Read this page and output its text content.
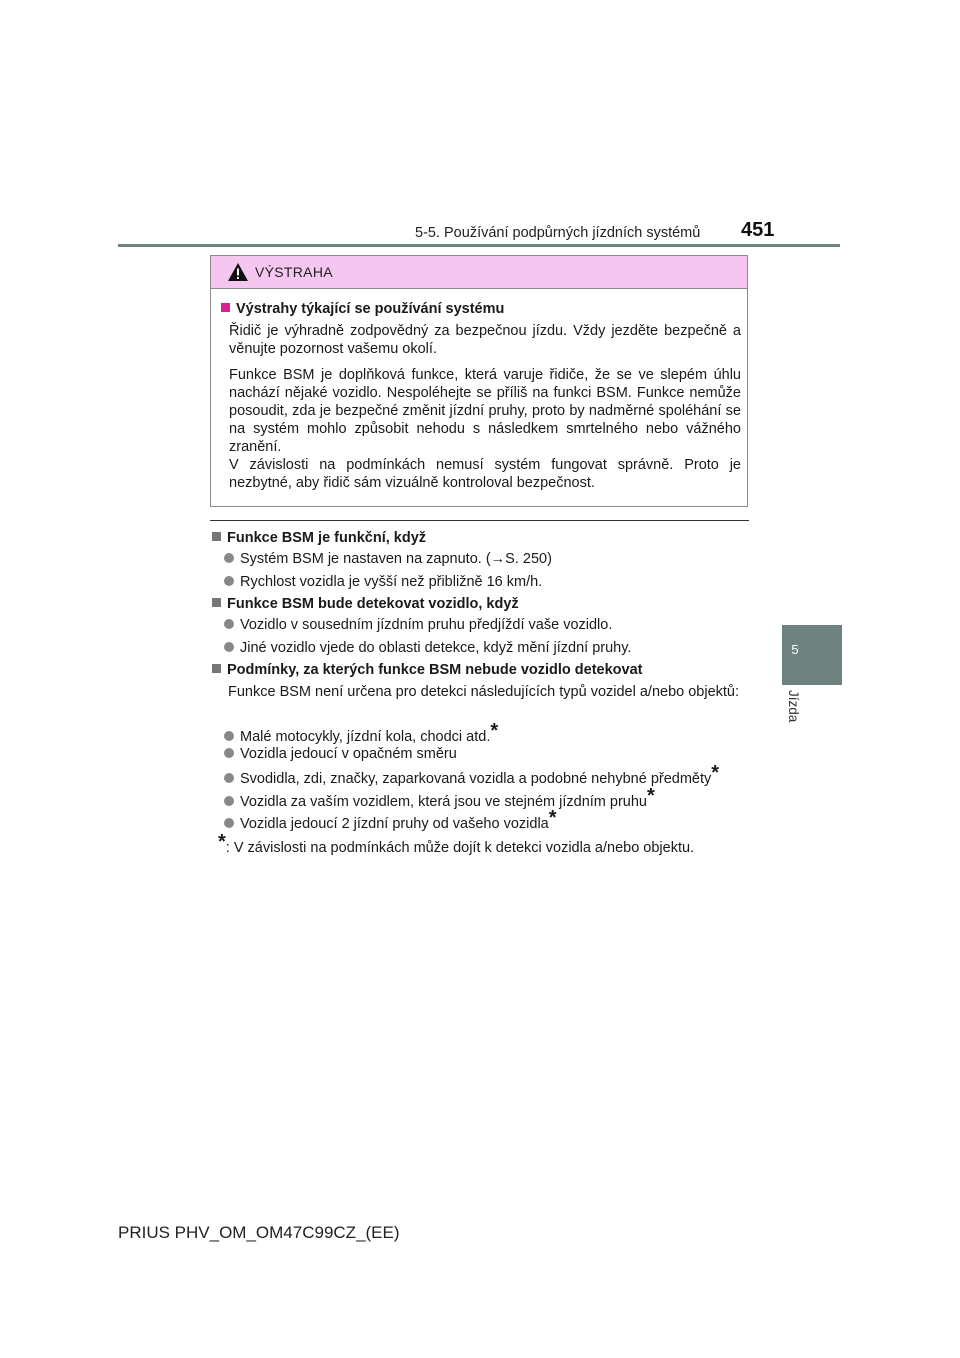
5-5. Používání podpůrných jízdních systémů 451
5
Jízda
VÝSTRAHA
Výstrahy týkající se používání systému
Řidič je výhradně zodpovědný za bezpečnou jízdu. Vždy jezděte bezpečně a věnujte pozornost vašemu okolí.
Funkce BSM je doplňková funkce, která varuje řidiče, že se ve slepém úhlu nachází nějaké vozidlo. Nespoléhejte se příliš na funkci BSM. Funkce nemůže posoudit, zda je bezpečné změnit jízdní pruhy, proto by nadměrné spoléhání se na systém mohlo způsobit nehodu s následkem smrtelného nebo vážného zranění.
V závislosti na podmínkách nemusí systém fungovat správně. Proto je nezbytné, aby řidič sám vizuálně kontroloval bezpečnost.
Funkce BSM je funkční, když
Systém BSM je nastaven na zapnuto. (→S. 250)
Rychlost vozidla je vyšší než přibližně 16 km/h.
Funkce BSM bude detekovat vozidlo, když
Vozidlo v sousedním jízdním pruhu předjíždí vaše vozidlo.
Jiné vozidlo vjede do oblasti detekce, když mění jízdní pruhy.
Podmínky, za kterých funkce BSM nebude vozidlo detekovat
Funkce BSM není určena pro detekci následujících typů vozidel a/nebo objektů:
Malé motocykly, jízdní kola, chodci atd.*
Vozidla jedoucí v opačném směru
Svodidla, zdi, značky, zaparkovaná vozidla a podobné nehybné předměty*
Vozidla za vaším vozidlem, která jsou ve stejném jízdním pruhu*
Vozidla jedoucí 2 jízdní pruhy od vašeho vozidla*
*: V závislosti na podmínkách může dojít k detekci vozidla a/nebo objektu.
PRIUS PHV_OM_OM47C99CZ_(EE)
